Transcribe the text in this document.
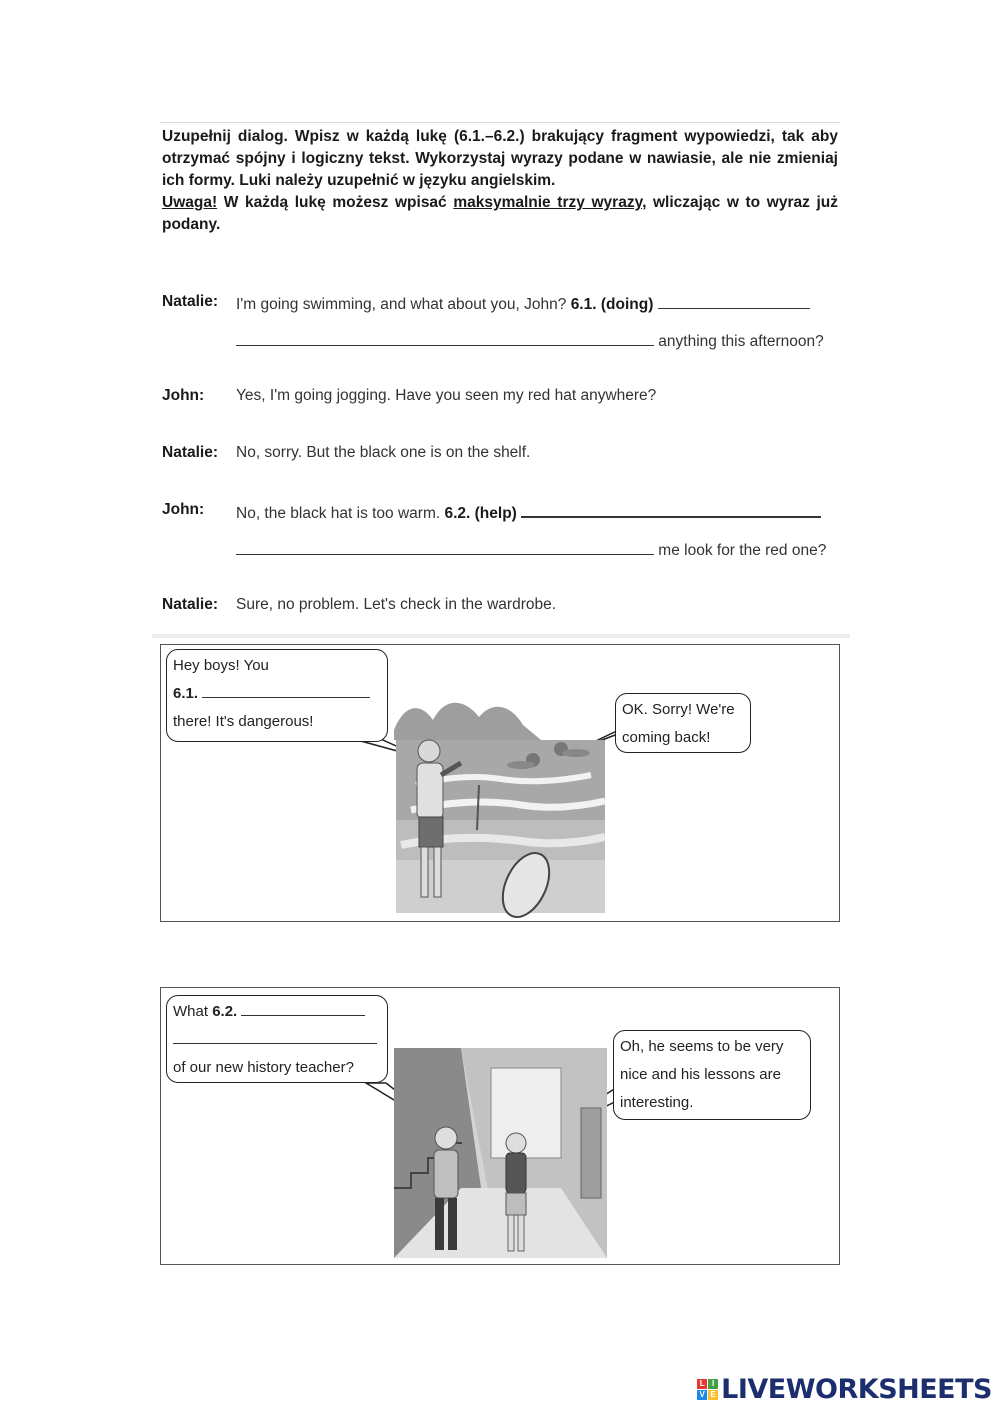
Uzupełnij dialog. Wpisz w każdą lukę (6.1.–6.2.) brakujący fragment wypowiedzi, tak aby otrzymać spójny i logiczny tekst. Wykorzystaj wyrazy podane w nawiasie, ale nie zmieniaj ich formy. Luki należy uzupełnić w języku angielskim.
Uwaga! W każdą lukę możesz wpisać maksymalnie trzy wyrazy, wliczając w to wyraz już podany.
Natalie: I'm going swimming, and what about you, John? 6.1. (doing)
anything this afternoon?
John: Yes, I'm going jogging. Have you seen my red hat anywhere?
Natalie: No, sorry. But the black one is on the shelf.
John: No, the black hat is too warm. 6.2. (help)
me look for the red one?
Natalie: Sure, no problem. Let's check in the wardrobe.
Hey boys! You
6.1.
there! It's dangerous!
OK. Sorry! We're
coming back!
What 6.2.
of our new history teacher?
Oh, he seems to be very
nice and his lessons are
interesting.
L I
V E LIVEWORKSHEETS
